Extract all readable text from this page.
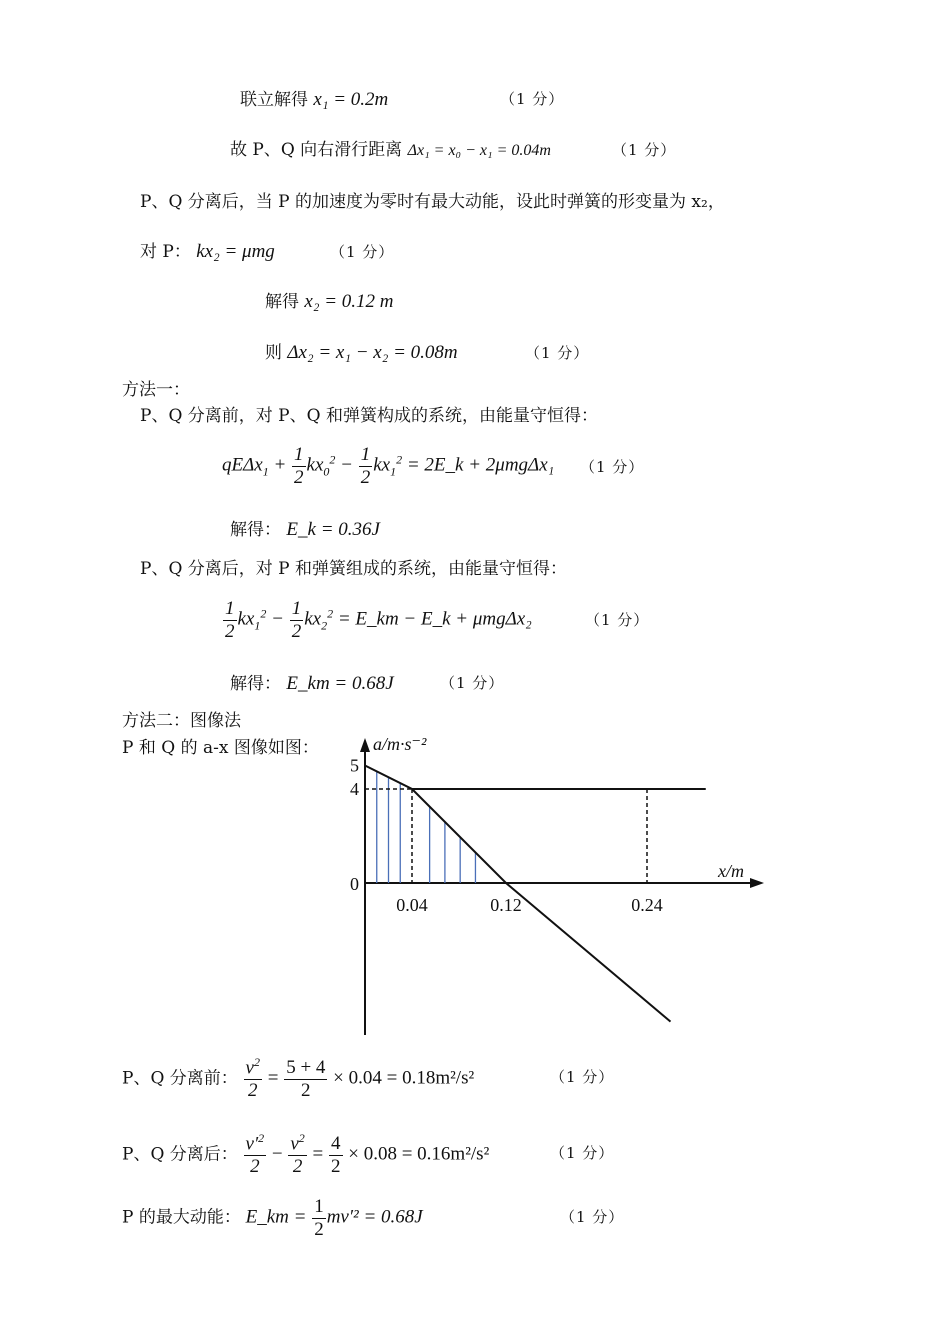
联立解得 x₁ = 0.2m	（1 分）
故 P、Q 向右滑行距离 Δx₁ = x₀ − x₁ = 0.04m	（1 分）
P、Q 分离后，当 P 的加速度为零时有最大动能，设此时弹簧的形变量为 x₂，
对 P： kx₂ = μmg	（1 分）
解得 x₂ = 0.12 m
则 Δx₂ = x₁ − x₂ = 0.08m	（1 分）
方法一：
P、Q 分离前，对 P、Q 和弹簧构成的系统，由能量守恒得：
$qE\Delta x_1 + \frac{1}{2} kx_0^2 - \frac{1}{2} kx_1^2$ = 2E_k + 2μmgΔx₁ （1 分）
解得： E_k = 0.36J
P、Q 分离后，对 P 和弹簧组成的系统，由能量守恒得：
$\frac{1}{2} kx_1^2 - \frac{1}{2} kx_2^2$ = E_km − E_k + μmgΔx₂	（1 分）
解得： E_km = 0.68J	（1 分）
方法二：图像法
P 和 Q 的 a-x 图像如图：
5
4
0
0.04	0.12	0.24
a/m·s⁻²
x/m
P、Q 分离前： $\frac{v^2}{2} = \frac{5 + 4}{2} \times 0.04 = 0.18m^2/s^2$	（1 分）
P、Q 分离后： $\frac{v'^2}{2} - \frac{v^2}{2} = \frac{4}{2} \times 0.08 = 0.16m^2/s^2$	（1 分）
P 的最大动能： E_km = $\frac{1}{2} mv'^2 = 0.68J$	（1 分）
